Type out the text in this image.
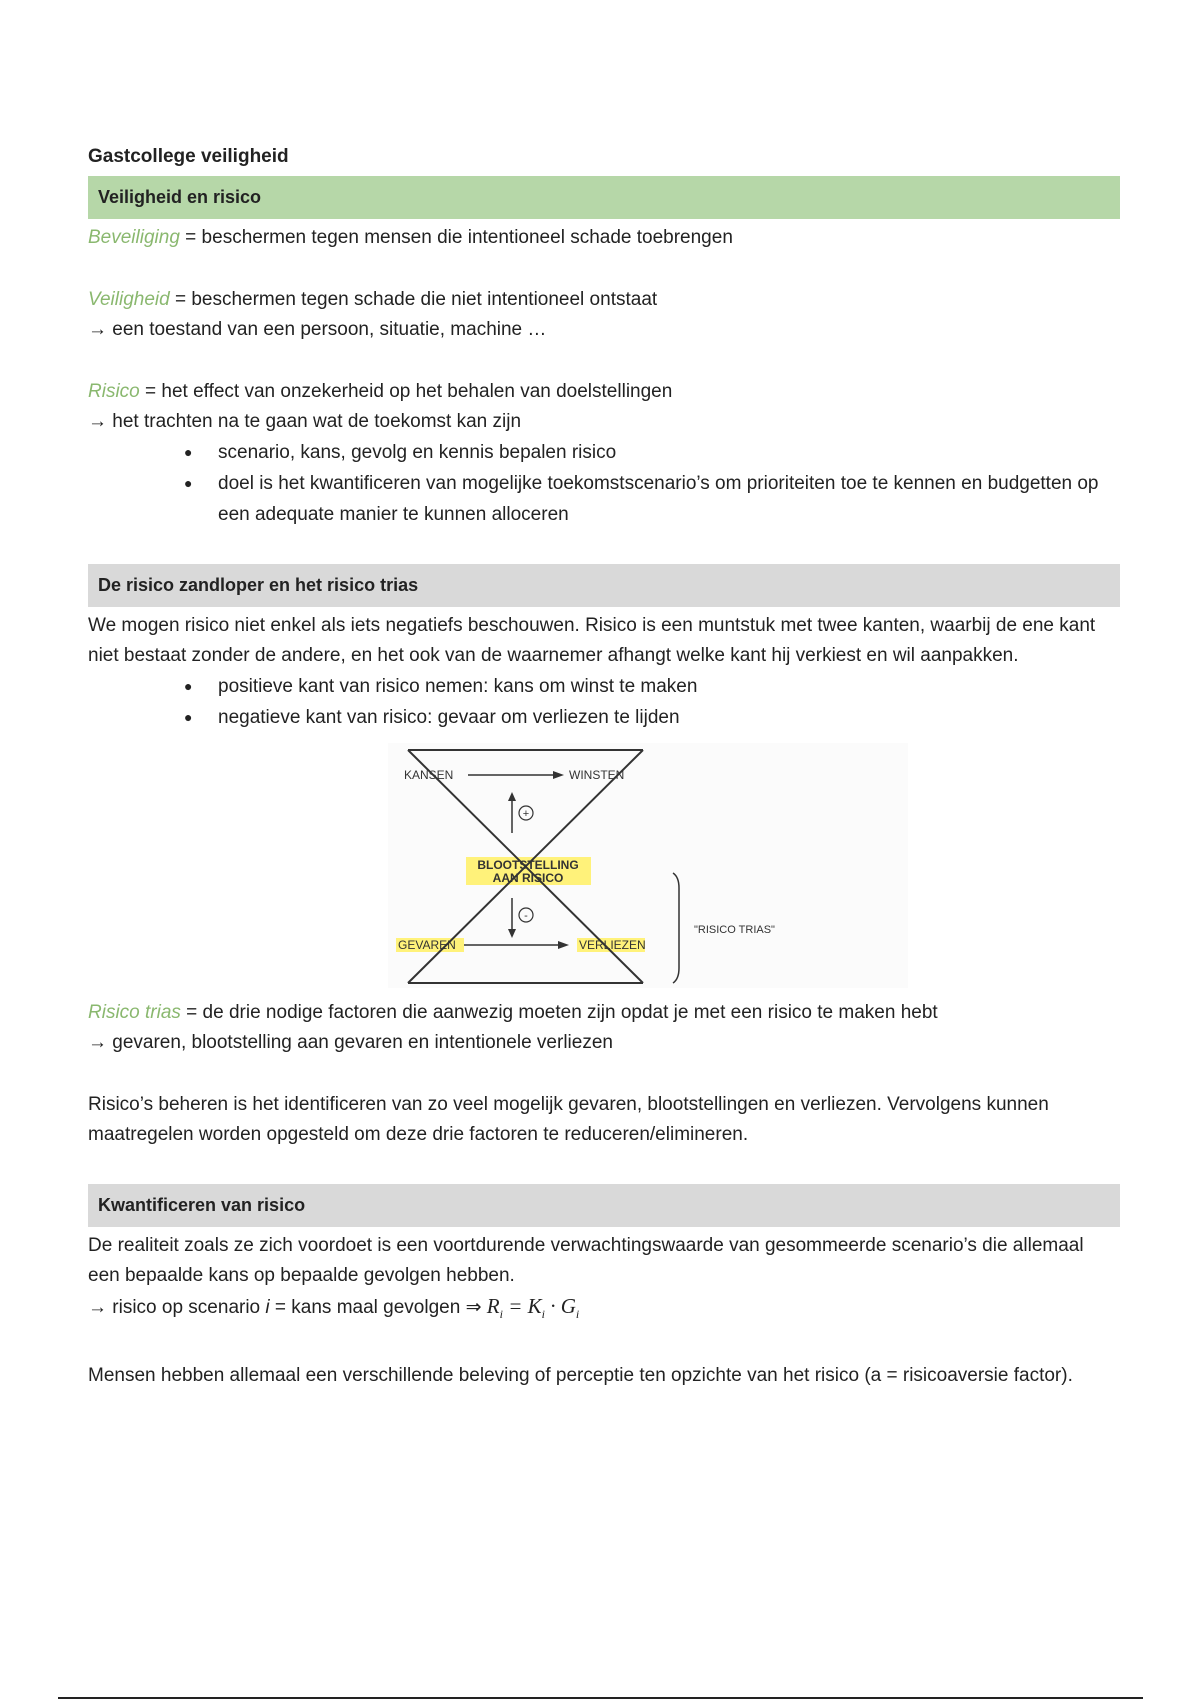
Gastcollege veiligheid
Veiligheid en risico

Beveiliging = beschermen tegen mensen die intentioneel schade toebrengen

Veiligheid = beschermen tegen schade die niet intentioneel ontstaat

→ een toestand van een persoon, situatie, machine …

Risico = het effect van onzekerheid op het behalen van doelstellingen

→ het trachten na te gaan wat de toekomst kan zijn

● scenario, kans, gevolg en kennis bepalen risico
● doel is het kwantificeren van mogelijke toekomstscenario’s om prioriteiten toe te kennen en budgetten op een adequate manier te kunnen alloceren
De risico zandloper en het risico trias

We mogen risico niet enkel als iets negatiefs beschouwen. Risico is een muntstuk met twee kanten, waarbij de ene kant niet bestaat zonder de andere, en het ook van de waarnemer afhangt welke kant hij verkiest en wil aanpakken.

● positieve kant van risico nemen: kans om winst te maken
● negatieve kant van risico: gevaar om verliezen te lijden
KANSEN	WINSTEN
+
BLOOTSTELLING
AAN RISICO
-
GEVAREN	VERLIEZEN
"RISICO TRIAS"

Risico trias = de drie nodige factoren die aanwezig moeten zijn opdat je met een risico te maken hebt

→ gevaren, blootstelling aan gevaren en intentionele verliezen

Risico’s beheren is het identificeren van zo veel mogelijk gevaren, blootstellingen en verliezen. Vervolgens kunnen maatregelen worden opgesteld om deze drie factoren te reduceren/elimineren.

Kwantificeren van risico

De realiteit zoals ze zich voordoet is een voortdurende verwachtingswaarde van gesommeerde scenario’s die allemaal een bepaalde kans op bepaalde gevolgen hebben.

→ risico op scenario i = kans maal gevolgen ⇒ $R_i = K_i \cdot G_i$

Mensen hebben allemaal een verschillende beleving of perceptie ten opzichte van het risico (a = risicoaversie factor).
